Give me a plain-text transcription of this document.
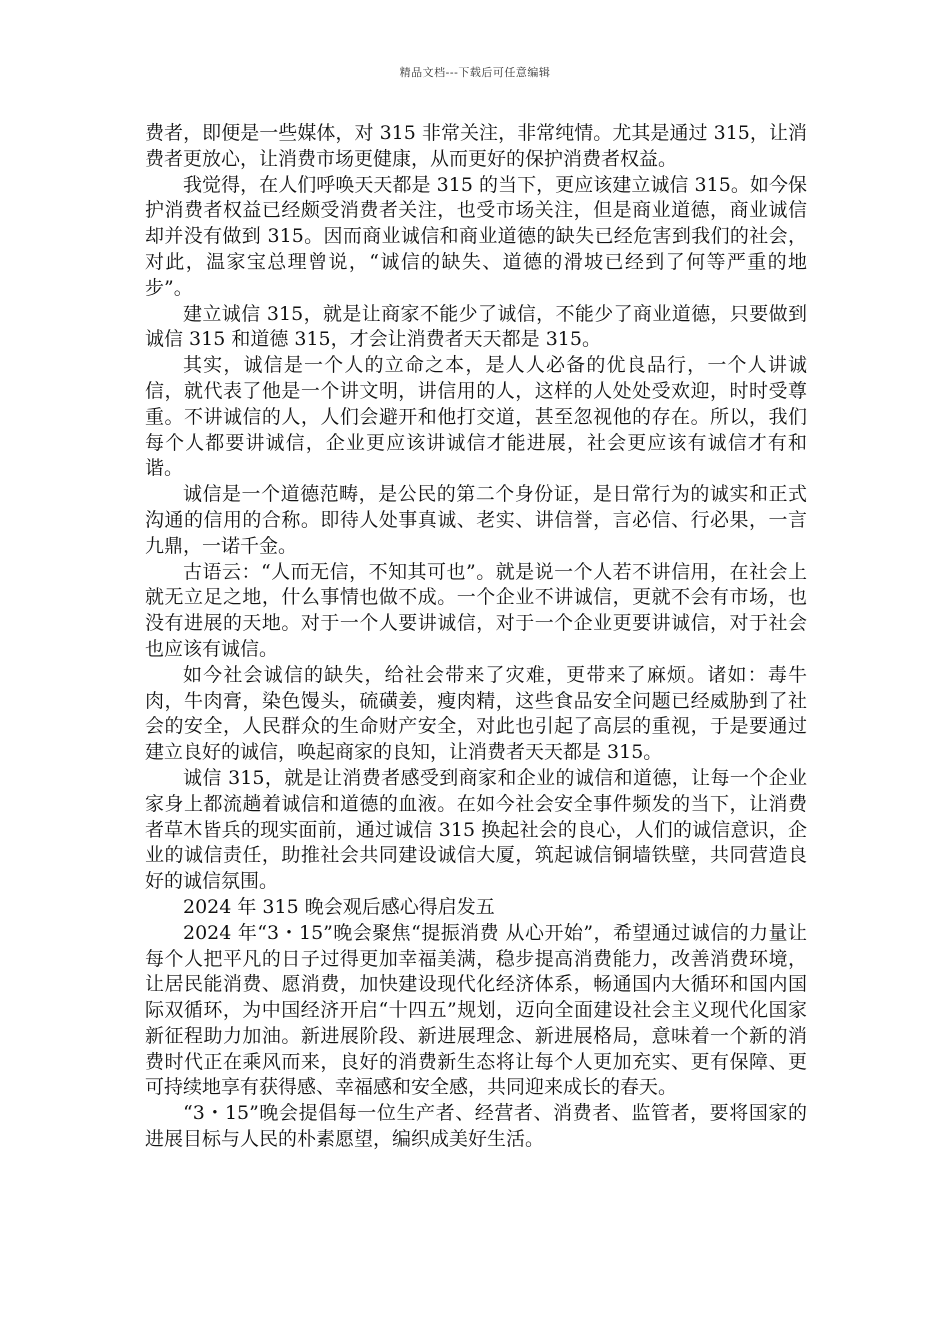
精品文档---下载后可任意编辑

费者，即便是一些媒体，对 315 非常关注，非常纯情。尤其是通过 315，让消费者更放心，让消费市场更健康，从而更好的保护消费者权益。

我觉得，在人们呼唤天天都是 315 的当下，更应该建立诚信 315。如今保护消费者权益已经颇受消费者关注，也受市场关注，但是商业道德，商业诚信却并没有做到 315。因而商业诚信和商业道德的缺失已经危害到我们的社会，对此，温家宝总理曾说，“诚信的缺失、道德的滑坡已经到了何等严重的地步”。

建立诚信 315，就是让商家不能少了诚信，不能少了商业道德，只要做到诚信 315 和道德 315，才会让消费者天天都是 315。

其实，诚信是一个人的立命之本，是人人必备的优良品行，一个人讲诚信，就代表了他是一个讲文明，讲信用的人，这样的人处处受欢迎，时时受尊重。不讲诚信的人，人们会避开和他打交道，甚至忽视他的存在。所以，我们每个人都要讲诚信，企业更应该讲诚信才能进展，社会更应该有诚信才有和谐。

诚信是一个道德范畴，是公民的第二个身份证，是日常行为的诚实和正式沟通的信用的合称。即待人处事真诚、老实、讲信誉，言必信、行必果，一言九鼎，一诺千金。

古语云：“人而无信，不知其可也”。就是说一个人若不讲信用，在社会上就无立足之地，什么事情也做不成。一个企业不讲诚信，更就不会有市场，也没有进展的天地。对于一个人要讲诚信，对于一个企业更要讲诚信，对于社会也应该有诚信。

如今社会诚信的缺失，给社会带来了灾难，更带来了麻烦。诸如：毒牛肉，牛肉膏，染色馒头，硫磺姜，瘦肉精，这些食品安全问题已经威胁到了社会的安全，人民群众的生命财产安全，对此也引起了高层的重视，于是要通过建立良好的诚信，唤起商家的良知，让消费者天天都是 315。

诚信 315，就是让消费者感受到商家和企业的诚信和道德，让每一个企业家身上都流趟着诚信和道德的血液。在如今社会安全事件频发的当下，让消费者草木皆兵的现实面前，通过诚信 315 换起社会的良心，人们的诚信意识，企业的诚信责任，助推社会共同建设诚信大厦，筑起诚信铜墙铁壁，共同营造良好的诚信氛围。

2024 年 315 晚会观后感心得启发五

2024 年“3・15”晚会聚焦“提振消费 从心开始”，希望通过诚信的力量让每个人把平凡的日子过得更加幸福美满，稳步提高消费能力，改善消费环境，让居民能消费、愿消费，加快建设现代化经济体系，畅通国内大循环和国内国际双循环，为中国经济开启“十四五”规划，迈向全面建设社会主义现代化国家新征程助力加油。新进展阶段、新进展理念、新进展格局，意味着一个新的消费时代正在乘风而来，良好的消费新生态将让每个人更加充实、更有保障、更可持续地享有获得感、幸福感和安全感，共同迎来成长的春天。

“3・15”晚会提倡每一位生产者、经营者、消费者、监管者，要将国家的进展目标与人民的朴素愿望，编织成美好生活。
